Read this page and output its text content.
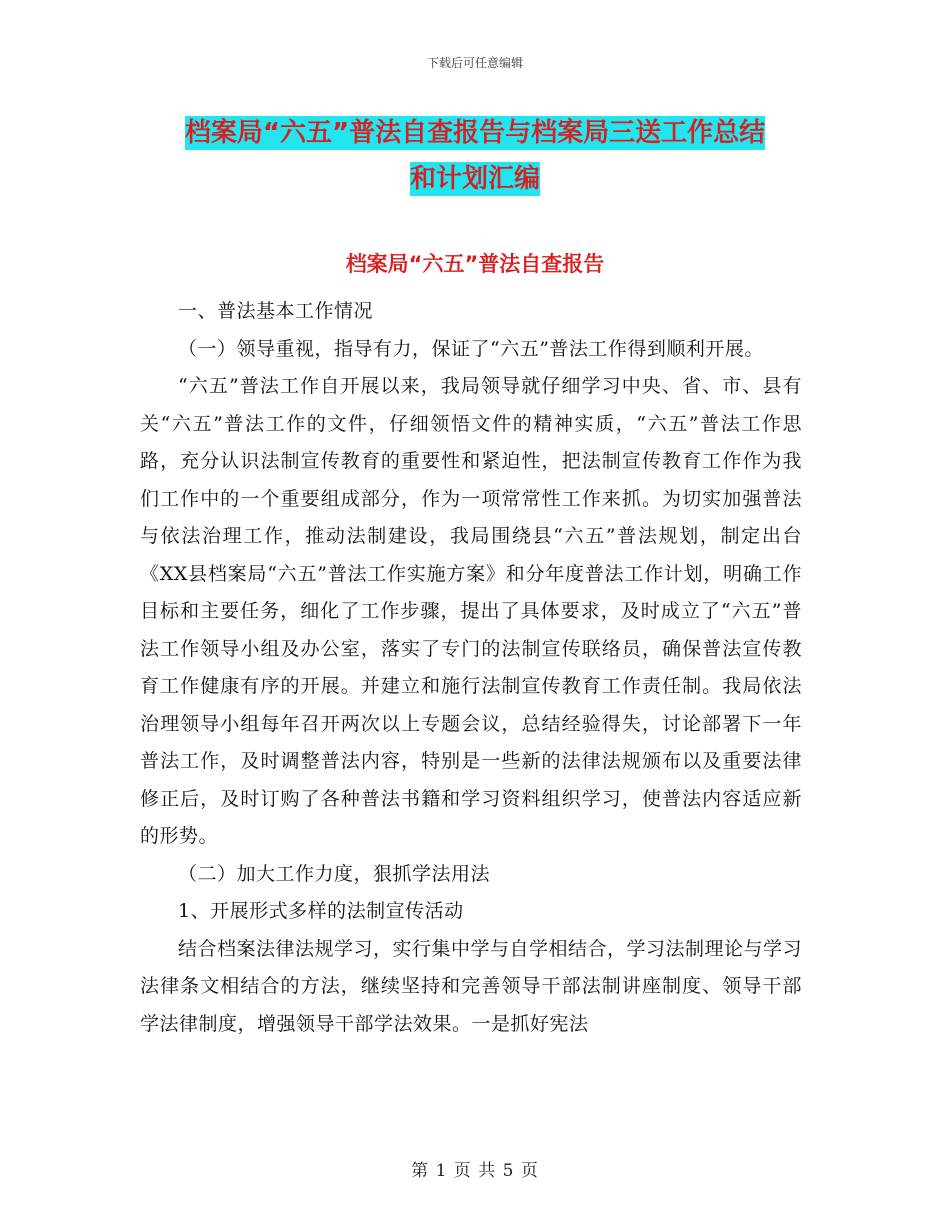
下载后可任意编辑
档案局“六五”普法自查报告与档案局三送工作总结
和计划汇编
档案局“六五”普法自查报告

一、普法基本工作情况

（一）领导重视，指导有力，保证了“六五”普法工作得到顺利开展。

“六五”普法工作自开展以来，我局领导就仔细学习中央、省、市、县有关“六五”普法工作的文件，仔细领悟文件的精神实质，“六五”普法工作思路，充分认识法制宣传教育的重要性和紧迫性，把法制宣传教育工作作为我们工作中的一个重要组成部分，作为一项常常性工作来抓。为切实加强普法与依法治理工作，推动法制建设，我局围绕县“六五”普法规划，制定出台《XX县档案局“六五”普法工作实施方案》和分年度普法工作计划，明确工作目标和主要任务，细化了工作步骤，提出了具体要求，及时成立了“六五”普法工作领导小组及办公室，落实了专门的法制宣传联络员，确保普法宣传教育工作健康有序的开展。并建立和施行法制宣传教育工作责任制。我局依法治理领导小组每年召开两次以上专题会议，总结经验得失，讨论部署下一年普法工作，及时调整普法内容，特别是一些新的法律法规颁布以及重要法律修正后，及时订购了各种普法书籍和学习资料组织学习，使普法内容适应新的形势。

（二）加大工作力度，狠抓学法用法

1、开展形式多样的法制宣传活动

结合档案法律法规学习，实行集中学与自学相结合，学习法制理论与学习法律条文相结合的方法，继续坚持和完善领导干部法制讲座制度、领导干部学法律制度，增强领导干部学法效果。一是抓好宪法

第 1 页 共 5 页
